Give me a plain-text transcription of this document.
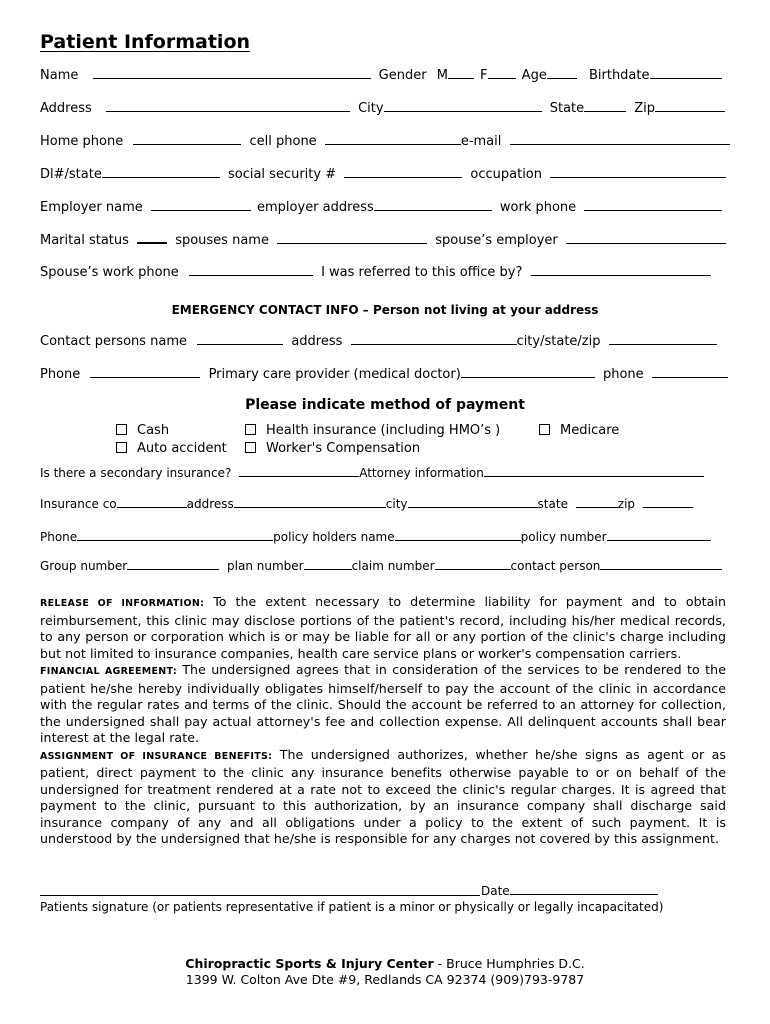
Patient Information
Name	Gender M F	Age	Birthdate
Address	City	State	Zip
Home phone	cell phone	e-mail
Dl#/state	social security #	occupation
Employer name	employer address	work phone
Marital status	spouses name	spouse’s employer
Spouse’s work phone	I was referred to this office by?
EMERGENCY CONTACT INFO – Person not living at your address
Contact persons name	address	city/state/zip
Phone	Primary care provider (medical doctor)	phone
Please indicate method of payment
Cash	Health insurance (including HMO’s )	Medicare
Auto accident	Worker's Compensation
Is there a secondary insurance?	Attorney information
Insurance co	address	city	state	zip
Phone	policy holders name	policy number
Group number	plan number	claim number	contact person

RELEASE OF INFORMATION: To the extent necessary to determine liability for payment and to obtain reimbursement, this clinic may disclose portions of the patient's record, including his/her medical records, to any person or corporation which is or may be liable for all or any portion of the clinic's charge including but not limited to insurance companies, health care service plans or worker's compensation carriers.

FINANCIAL AGREEMENT: The undersigned agrees that in consideration of the services to be rendered to the patient he/she hereby individually obligates himself/herself to pay the account of the clinic in accordance with the regular rates and terms of the clinic. Should the account be referred to an attorney for collection, the undersigned shall pay actual attorney's fee and collection expense. All delinquent accounts shall bear interest at the legal rate.

ASSIGNMENT OF INSURANCE BENEFITS: The undersigned authorizes, whether he/she signs as agent or as patient, direct payment to the clinic any insurance benefits otherwise payable to or on behalf of the undersigned for treatment rendered at a rate not to exceed the clinic's regular charges. It is agreed that payment to the clinic, pursuant to this authorization, by an insurance company shall discharge said insurance company of any and all obligations under a policy to the extent of such payment. It is understood by the undersigned that he/she is responsible for any charges not covered by this assignment.

Date
Patients signature (or patients representative if patient is a minor or physically or legally incapacitated)
Chiropractic Sports & Injury Center - Bruce Humphries D.C.
1399 W. Colton Ave Dte #9, Redlands CA 92374 (909)793-9787
